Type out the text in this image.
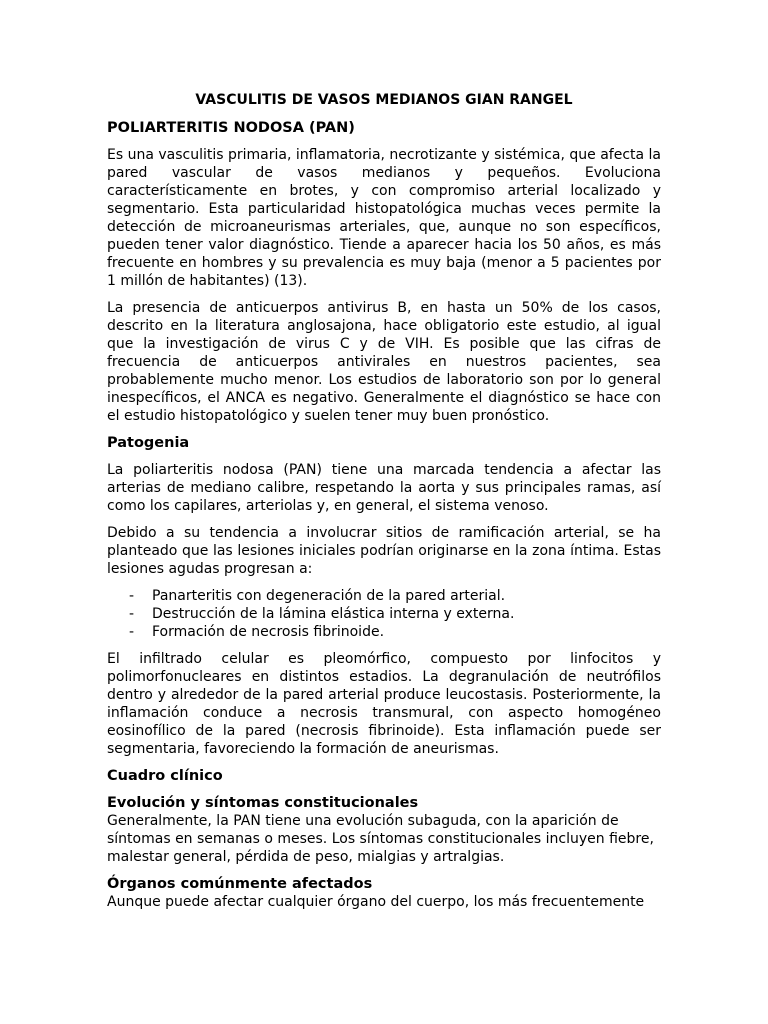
VASCULITIS DE VASOS MEDIANOS GIAN RANGEL
POLIARTERITIS NODOSA (PAN)
Es una vasculitis primaria, inflamatoria, necrotizante y sistémica, que afecta la pared vascular de vasos medianos y pequeños. Evoluciona característicamente en brotes, y con compromiso arterial localizado y segmentario. Esta particularidad histopatológica muchas veces permite la detección de microaneurismas arteriales, que, aunque no son específicos, pueden tener valor diagnóstico. Tiende a aparecer hacia los 50 años, es más frecuente en hombres y su prevalencia es muy baja (menor a 5 pacientes por 1 millón de habitantes) (13).
La presencia de anticuerpos antivirus B, en hasta un 50% de los casos, descrito en la literatura anglosajona, hace obligatorio este estudio, al igual que la investigación de virus C y de VIH. Es posible que las cifras de frecuencia de anticuerpos antivirales en nuestros pacientes, sea probablemente mucho menor. Los estudios de laboratorio son por lo general inespecíficos, el ANCA es negativo. Generalmente el diagnóstico se hace con el estudio histopatológico y suelen tener muy buen pronóstico.
Patogenia
La poliarteritis nodosa (PAN) tiene una marcada tendencia a afectar las arterias de mediano calibre, respetando la aorta y sus principales ramas, así como los capilares, arteriolas y, en general, el sistema venoso.
Debido a su tendencia a involucrar sitios de ramificación arterial, se ha planteado que las lesiones iniciales podrían originarse en la zona íntima. Estas lesiones agudas progresan a:
- Panarteritis con degeneración de la pared arterial.
- Destrucción de la lámina elástica interna y externa.
- Formación de necrosis fibrinoide.
El infiltrado celular es pleomórfico, compuesto por linfocitos y polimorfonucleares en distintos estadios. La degranulación de neutrófilos dentro y alrededor de la pared arterial produce leucostasis. Posteriormente, la inflamación conduce a necrosis transmural, con aspecto homogéneo eosinofílico de la pared (necrosis fibrinoide). Esta inflamación puede ser segmentaria, favoreciendo la formación de aneurismas.
Cuadro clínico
Evolución y síntomas constitucionales
Generalmente, la PAN tiene una evolución subaguda, con la aparición de síntomas en semanas o meses. Los síntomas constitucionales incluyen fiebre, malestar general, pérdida de peso, mialgias y artralgias.
Órganos comúnmente afectados
Aunque puede afectar cualquier órgano del cuerpo, los más frecuentemente
